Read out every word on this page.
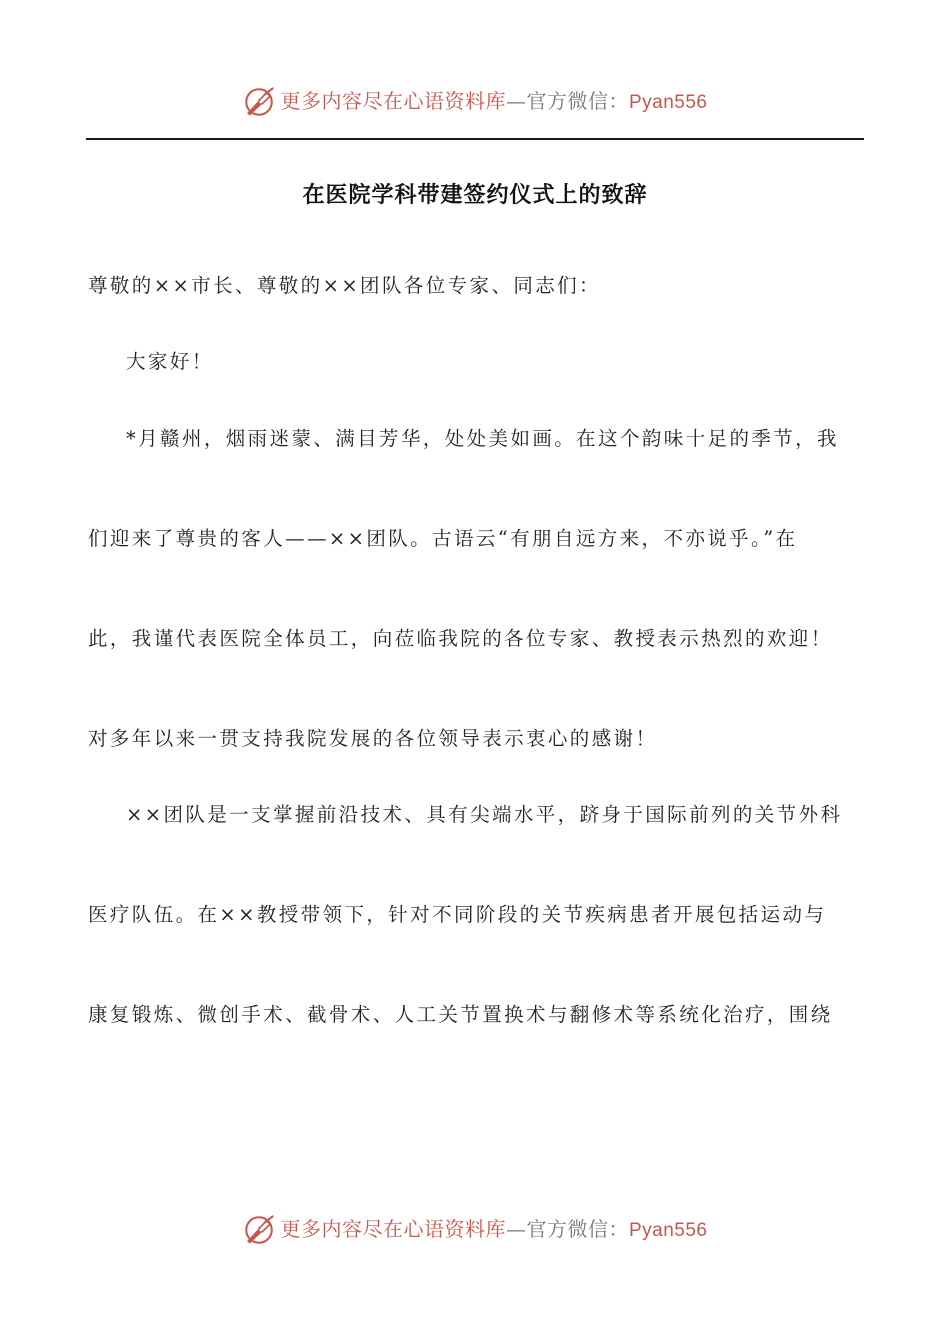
更多内容尽在心语资料库—官方微信：Pyan556
在医院学科带建签约仪式上的致辞

尊敬的××市长、尊敬的××团队各位专家、同志们：

大家好！

*月赣州，烟雨迷蒙、满目芳华，处处美如画。在这个韵味十足的季节，我

们迎来了尊贵的客人——××团队。古语云“有朋自远方来，不亦说乎。”在

此，我谨代表医院全体员工，向莅临我院的各位专家、教授表示热烈的欢迎！

对多年以来一贯支持我院发展的各位领导表示衷心的感谢！

××团队是一支掌握前沿技术、具有尖端水平，跻身于国际前列的关节外科

医疗队伍。在××教授带领下，针对不同阶段的关节疾病患者开展包括运动与

康复锻炼、微创手术、截骨术、人工关节置换术与翻修术等系统化治疗，围绕

更多内容尽在心语资料库—官方微信：Pyan556
